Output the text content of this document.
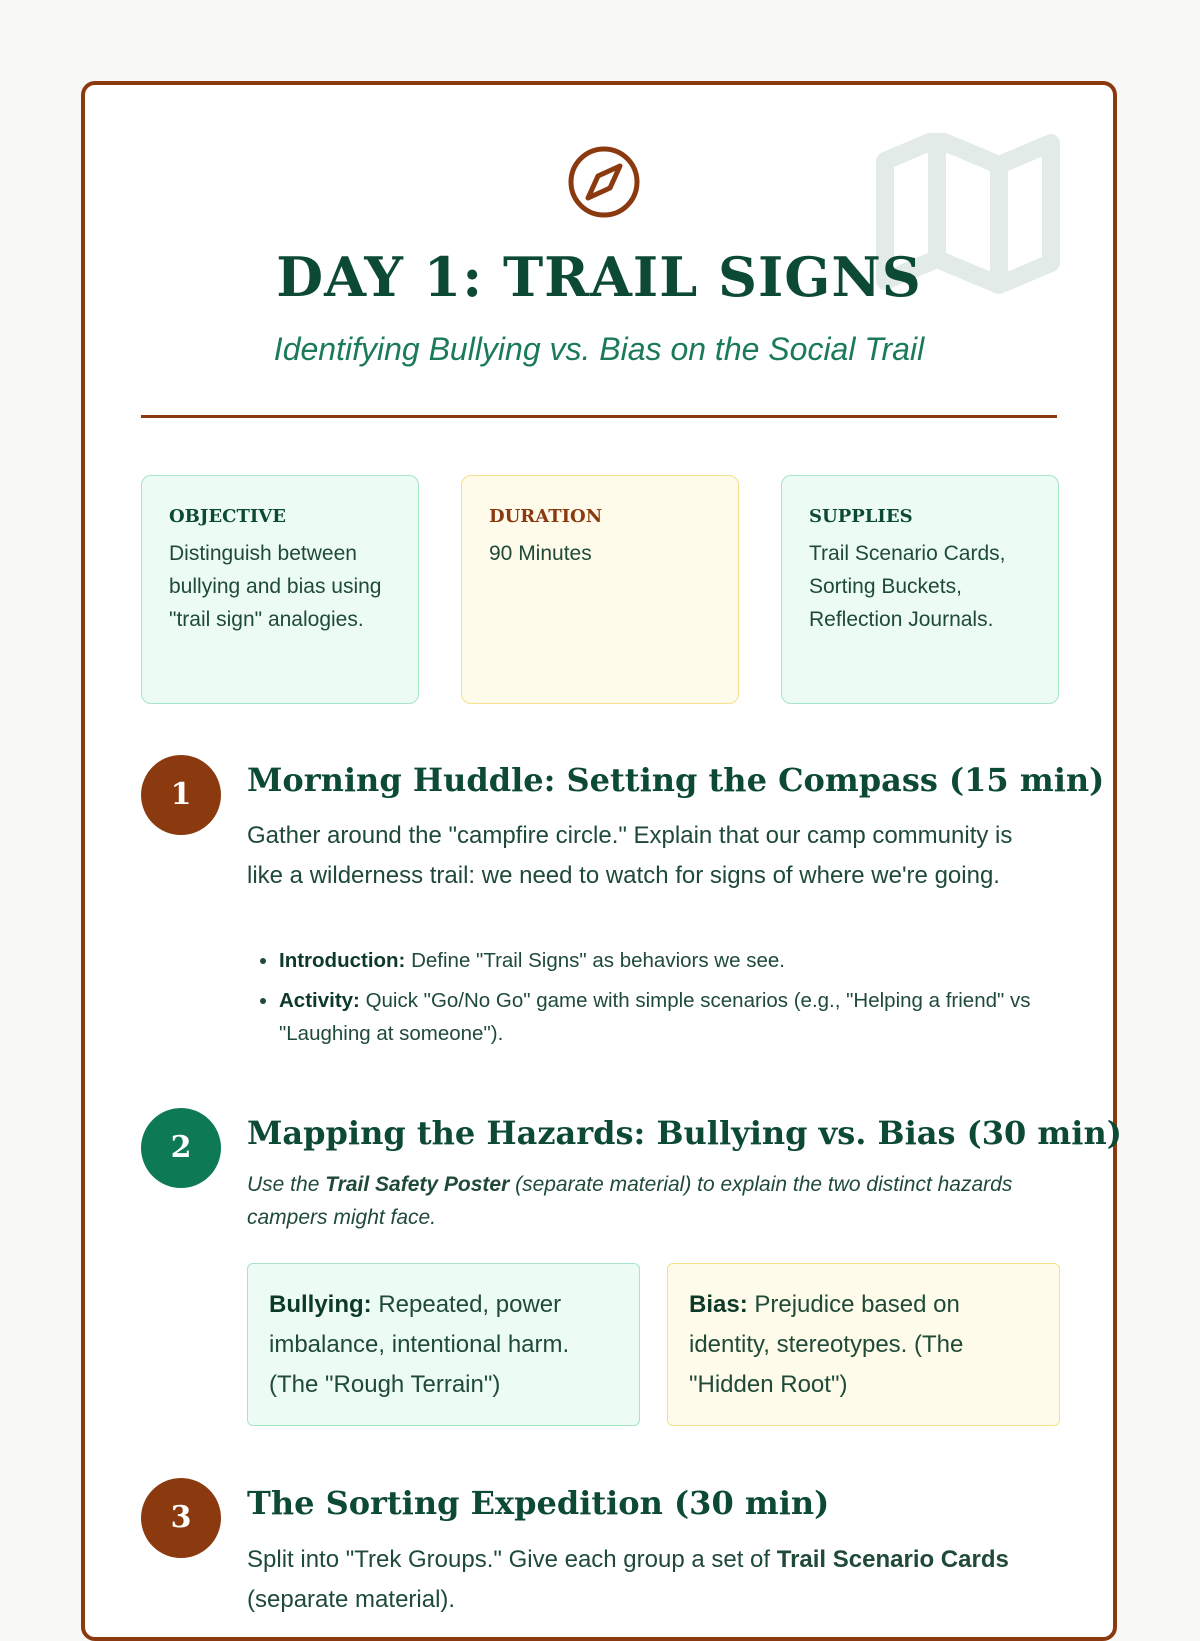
DAY 1: TRAIL SIGNS
Identifying Bullying vs. Bias on the Social Trail
OBJECTIVE
Distinguish between bullying and bias using "trail sign" analogies.
DURATION
90 Minutes
SUPPLIES
Trail Scenario Cards, Sorting Buckets, Reflection Journals.
1	Morning Huddle: Setting the Compass (15 min)
Gather around the "campfire circle." Explain that our camp community is like a wilderness trail: we need to watch for signs of where we're going.
• Introduction: Define "Trail Signs" as behaviors we see.
• Activity: Quick "Go/No Go" game with simple scenarios (e.g., "Helping a friend" vs "Laughing at someone").
2	Mapping the Hazards: Bullying vs. Bias (30 min)
Use the Trail Safety Poster (separate material) to explain the two distinct hazards campers might face.
Bullying: Repeated, power imbalance, intentional harm. (The "Rough Terrain")
Bias: Prejudice based on identity, stereotypes. (The "Hidden Root")
3	The Sorting Expedition (30 min)
Split into "Trek Groups." Give each group a set of Trail Scenario Cards (separate material).
